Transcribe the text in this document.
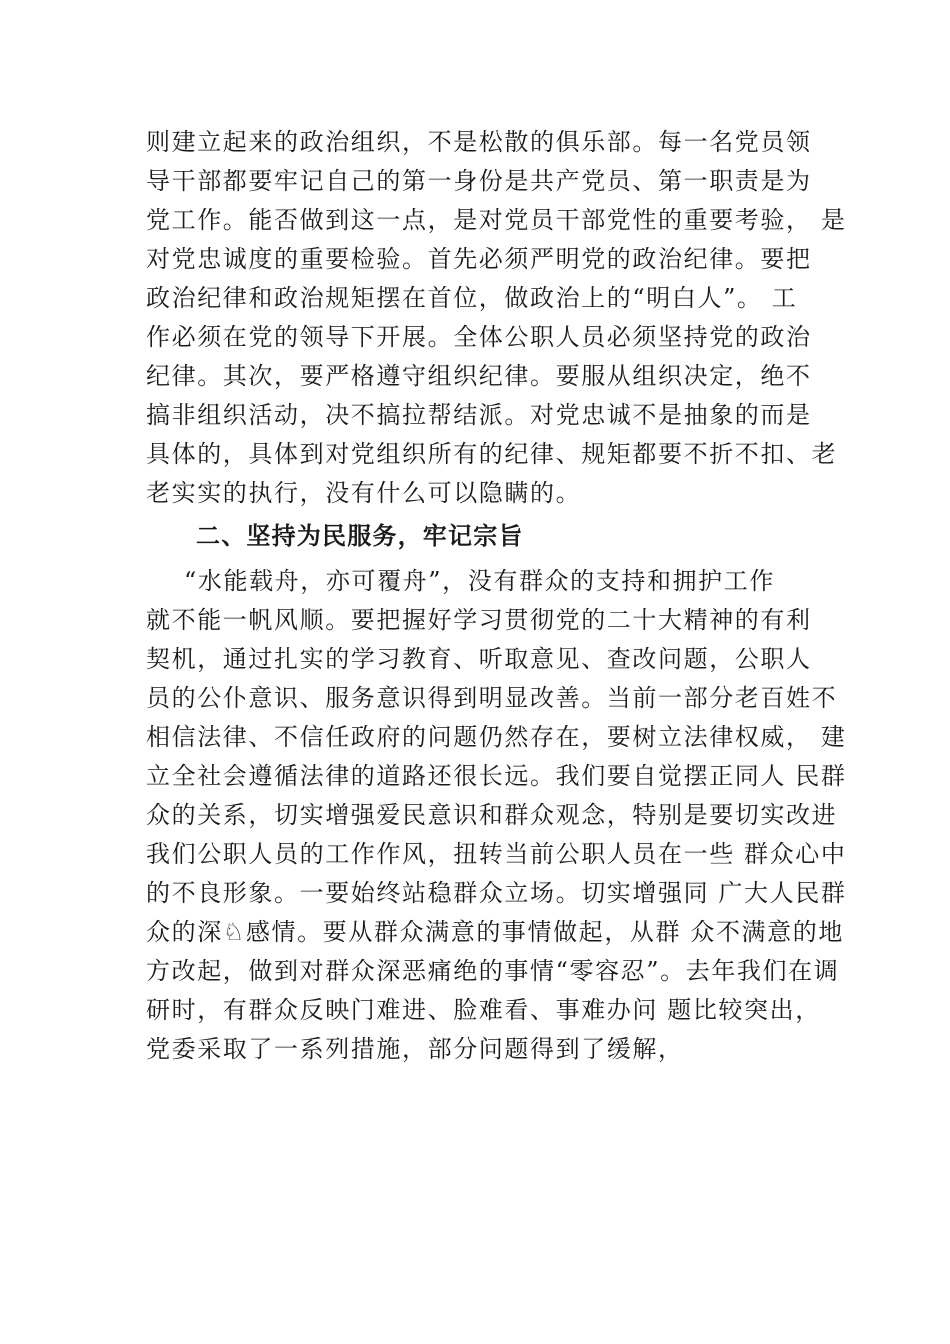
则建立起来的政治组织，不是松散的俱乐部。每一名党员领
导干部都要牢记自己的第一身份是共产党员、第一职责是为
党工作。能否做到这一点，是对党员干部党性的重要考验， 是
对党忠诚度的重要检验。首先必须严明党的政治纪律。要把
政治纪律和政治规矩摆在首位，做政治上的“明白人”。 工
作必须在党的领导下开展。全体公职人员必须坚持党的政治
纪律。其次，要严格遵守组织纪律。要服从组织决定，绝不
搞非组织活动，决不搞拉帮结派。对党忠诚不是抽象的而是
具体的，具体到对党组织所有的纪律、规矩都要不折不扣、老
老实实的执行，没有什么可以隐瞒的。
二、坚持为民服务，牢记宗旨
“水能载舟，亦可覆舟”，没有群众的支持和拥护工作
就不能一帆风顺。要把握好学习贯彻党的二十大精神的有利
契机，通过扎实的学习教育、听取意见、查改问题，公职人
员的公仆意识、服务意识得到明显改善。当前一部分老百姓不
相信法律、不信任政府的问题仍然存在，要树立法律权威， 建
立全社会遵循法律的道路还很长远。我们要自觉摆正同人 民群
众的关系，切实增强爱民意识和群众观念，特别是要切实改进
我们公职人员的工作作风，扭转当前公职人员在一些 群众心中
的不良形象。一要始终站稳群众立场。切实增强同 广大人民群
众的深♘感情。要从群众满意的事情做起，从群 众不满意的地
方改起，做到对群众深恶痛绝的事情“零容忍”。去年我们在调
研时，有群众反映门难进、脸难看、事难办问 题比较突出，
党委采取了一系列措施，部分问题得到了缓解，
